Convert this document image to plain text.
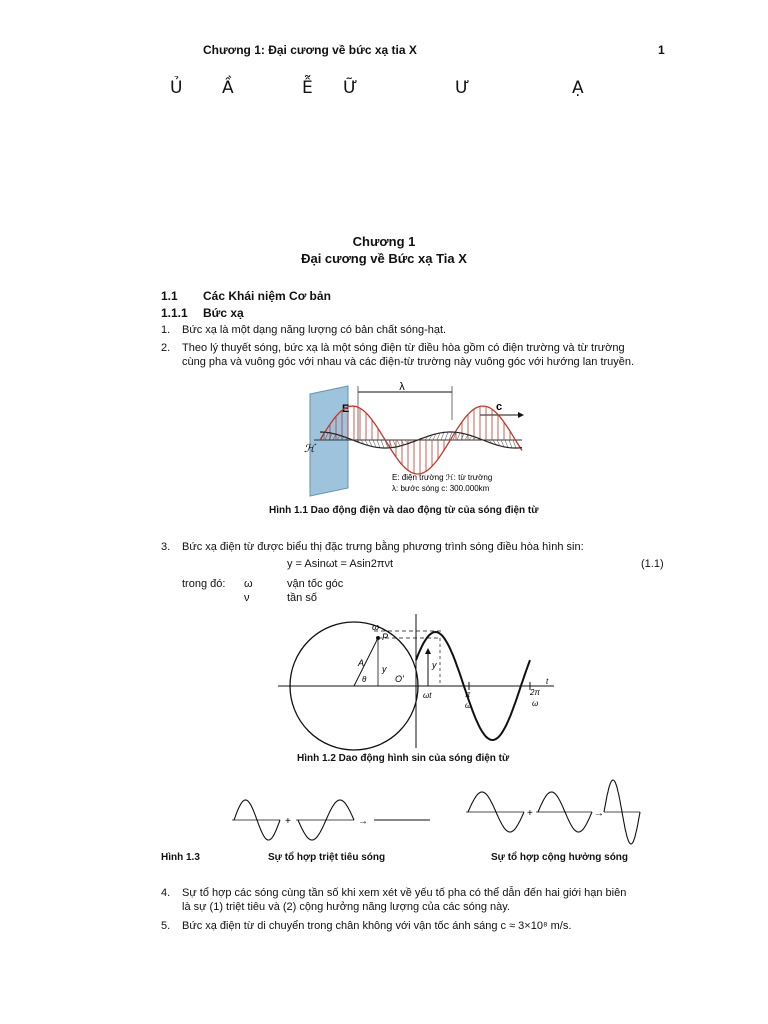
Chương 1: Đại cương về bức xạ tia X	1
Ủ Ầ	Ễ Ữ	Ư	Ạ
Chương 1
Đại cương về Bức xạ Tia X
1.1 Các Khái niệm Cơ bản
1.1.1 Bức xạ
1. Bức xạ là một dạng năng lượng có bản chất sóng-hạt.
2. Theo lý thuyết sóng, bức xạ là một sóng điện từ điều hòa gồm có điện trường và từ trường
cùng pha và vuông góc với nhau và các điện-từ trường này vuông góc với hướng lan truyền.
λ
c
E
ℋ
E: điện trường ℋ: từ trường
λ: bước sóng c: 300.000km
Hình 1.1 Dao động điện và dao động từ của sóng điện từ
3. Bức xạ điện từ được biểu thị đặc trưng bằng phương trình sóng điều hòa hình sin:
y = Asinωt = Asin2πνt	(1.1)
trong đó: ω	vận tốc góc
ν	tần số
ω
P
A
θ
y	y
O'
ωt	π
ω
2π
ω
t
Hình 1.2 Dao động hình sin của sóng điện từ
+	→
+	→
Hình 1.3	Sự tổ hợp triệt tiêu sóng	Sự tổ hợp cộng hưởng sóng
4. Sự tổ hợp các sóng cùng tần số khi xem xét về yếu tố pha có thể dẫn đến hai giới hạn biên
là sự (1) triệt tiêu và (2) cộng hưởng năng lượng của các sóng này.
5. Bức xạ điện từ di chuyển trong chân không với vận tốc ánh sáng c ≈ 3×10⁸ m/s.
